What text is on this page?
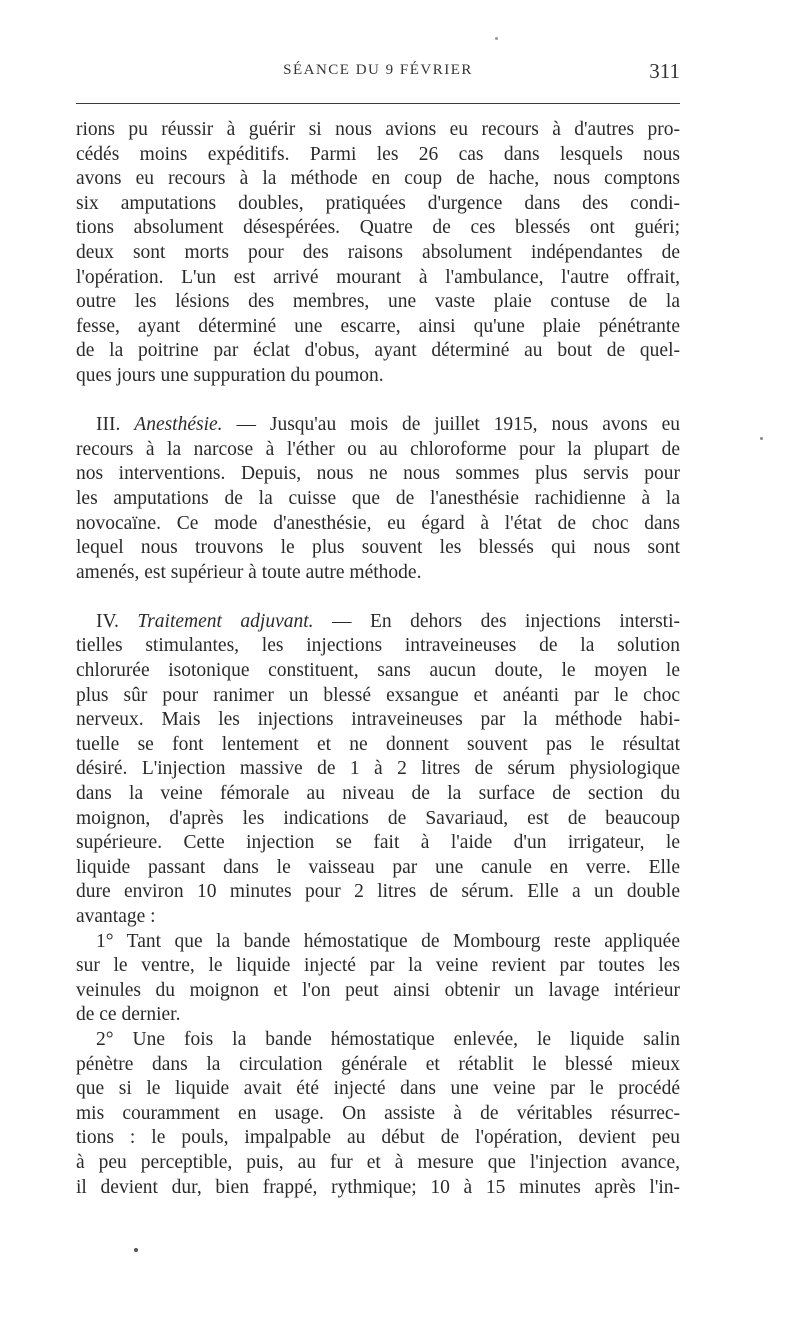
SÉANCE DU 9 FÉVRIER	311
rions pu réussir à guérir si nous avions eu recours à d'autres pro-
cédés moins expéditifs. Parmi les 26 cas dans lesquels nous
avons eu recours à la méthode en coup de hache, nous comptons
six amputations doubles, pratiquées d'urgence dans des condi-
tions absolument désespérées. Quatre de ces blessés ont guéri;
deux sont morts pour des raisons absolument indépendantes de
l'opération. L'un est arrivé mourant à l'ambulance, l'autre offrait,
outre les lésions des membres, une vaste plaie contuse de la
fesse, ayant déterminé une escarre, ainsi qu'une plaie pénétrante
de la poitrine par éclat d'obus, ayant déterminé au bout de quel-
ques jours une suppuration du poumon.
III. Anesthésie. — Jusqu'au mois de juillet 1915, nous avons eu
recours à la narcose à l'éther ou au chloroforme pour la plupart de
nos interventions. Depuis, nous ne nous sommes plus servis pour
les amputations de la cuisse que de l'anesthésie rachidienne à la
novocaïne. Ce mode d'anesthésie, eu égard à l'état de choc dans
lequel nous trouvons le plus souvent les blessés qui nous sont
amenés, est supérieur à toute autre méthode.
IV. Traitement adjuvant. — En dehors des injections intersti-
tielles stimulantes, les injections intraveineuses de la solution
chlorurée isotonique constituent, sans aucun doute, le moyen le
plus sûr pour ranimer un blessé exsangue et anéanti par le choc
nerveux. Mais les injections intraveineuses par la méthode habi-
tuelle se font lentement et ne donnent souvent pas le résultat
désiré. L'injection massive de 1 à 2 litres de sérum physiologique
dans la veine fémorale au niveau de la surface de section du
moignon, d'après les indications de Savariaud, est de beaucoup
supérieure. Cette injection se fait à l'aide d'un irrigateur, le
liquide passant dans le vaisseau par une canule en verre. Elle
dure environ 10 minutes pour 2 litres de sérum. Elle a un double
avantage :
1° Tant que la bande hémostatique de Mombourg reste appliquée
sur le ventre, le liquide injecté par la veine revient par toutes les
veinules du moignon et l'on peut ainsi obtenir un lavage intérieur
de ce dernier.
2° Une fois la bande hémostatique enlevée, le liquide salin
pénètre dans la circulation générale et rétablit le blessé mieux
que si le liquide avait été injecté dans une veine par le procédé
mis couramment en usage. On assiste à de véritables résurrec-
tions : le pouls, impalpable au début de l'opération, devient peu
à peu perceptible, puis, au fur et à mesure que l'injection avance,
il devient dur, bien frappé, rythmique; 10 à 15 minutes après l'in-
